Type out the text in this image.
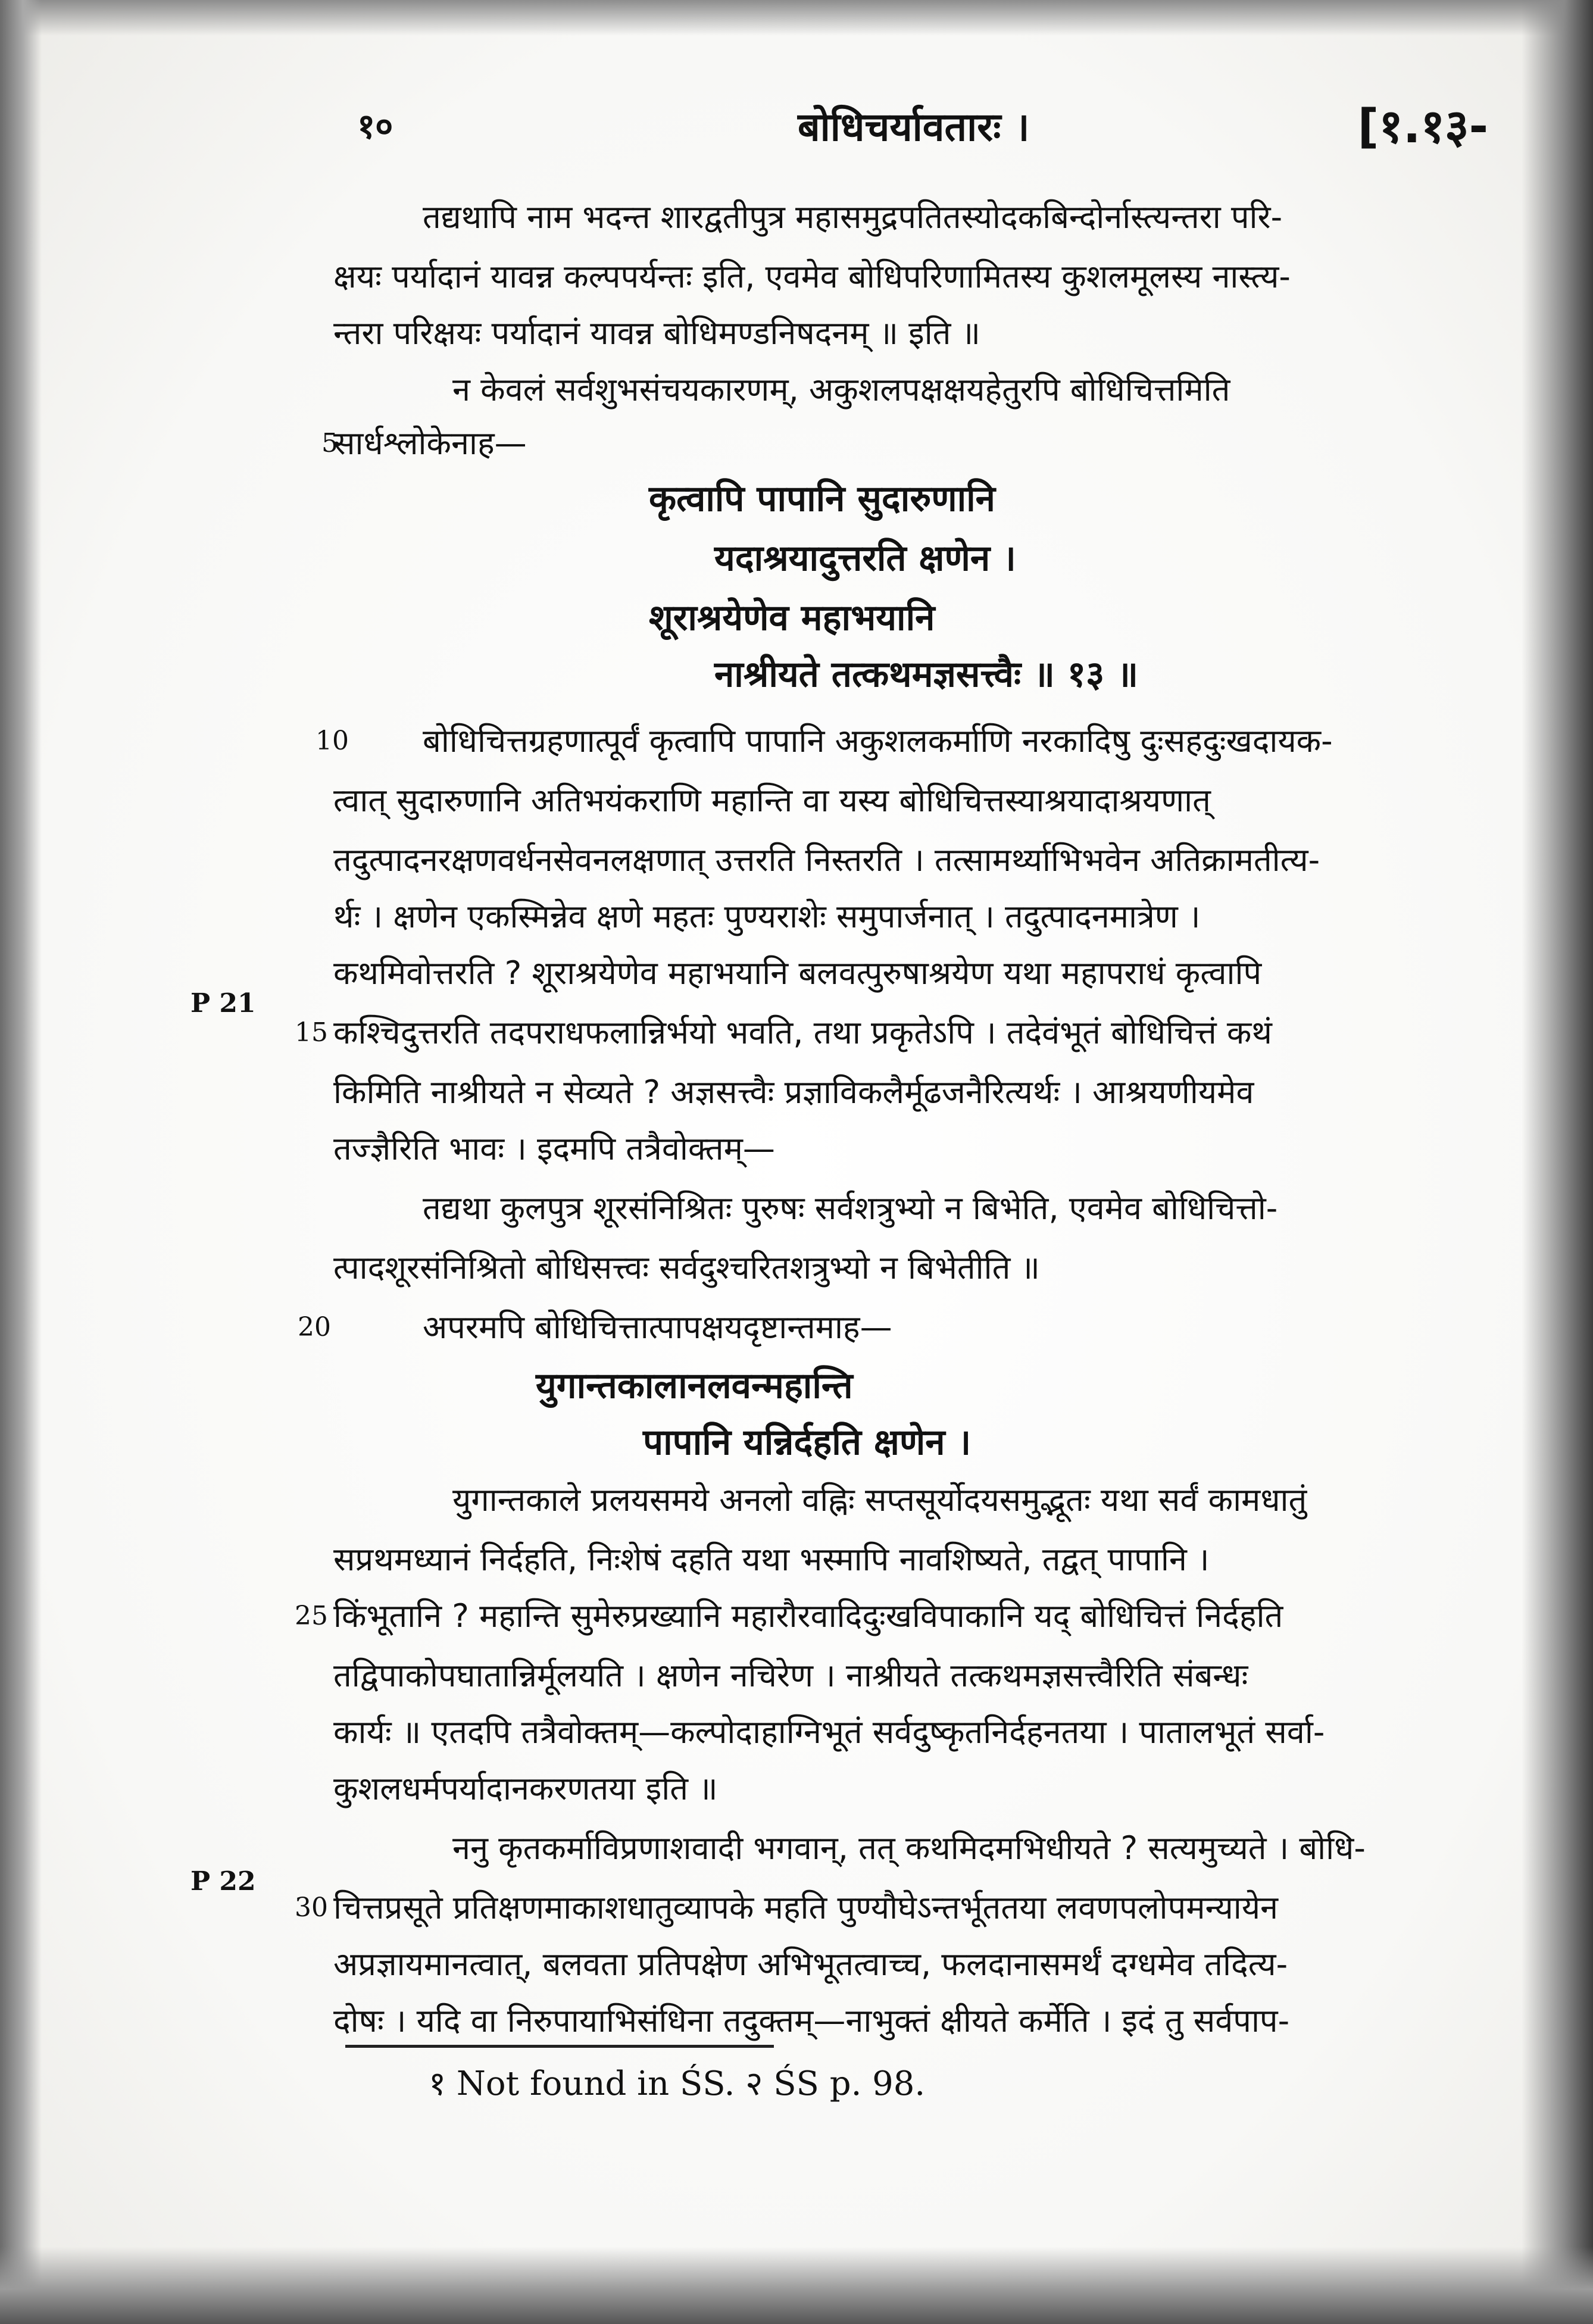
१०	बोधिचर्यावतारः ।	[१.१३-
तद्यथापि नाम भदन्त शारद्वतीपुत्र महासमुद्रपतितस्योदकबिन्दोर्नास्त्यन्तरा परि-
क्षयः पर्यादानं यावन्न कल्पपर्यन्तः इति, एवमेव बोधिपरिणामितस्य कुशलमूलस्य नास्त्य-
न्तरा परिक्षयः पर्यादानं यावन्न बोधिमण्डनिषदनम् ॥ इति ॥
न केवलं सर्वशुभसंचयकारणम्, अकुशलपक्षक्षयहेतुरपि बोधिचित्तमिति
सार्धश्लोकेनाह—
बोधिचित्तग्रहणात्पूर्वं कृत्वापि पापानि अकुशलकर्माणि नरकादिषु दुःसहदुःखदायक-
त्वात् सुदारुणानि अतिभयंकराणि महान्ति वा यस्य बोधिचित्तस्याश्रयादाश्रयणात्
तदुत्पादनरक्षणवर्धनसेवनलक्षणात् उत्तरति निस्तरति । तत्सामर्थ्याभिभवेन अतिक्रामतीत्य-
र्थः । क्षणेन एकस्मिन्नेव क्षणे महतः पुण्यराशेः समुपार्जनात् । तदुत्पादनमात्रेण ।
कथमिवोत्तरति ? शूराश्रयेणेव महाभयानि बलवत्पुरुषाश्रयेण यथा महापराधं कृत्वापि
कश्चिदुत्तरति तदपराधफलान्निर्भयो भवति, तथा प्रकृतेऽपि । तदेवंभूतं बोधिचित्तं कथं
किमिति नाश्रीयते न सेव्यते ? अज्ञसत्त्वैः प्रज्ञाविकलैर्मूढजनैरित्यर्थः । आश्रयणीयमेव
तज्ज्ञैरिति भावः । इदमपि तत्रैवोक्तम्—
तद्यथा कुलपुत्र शूरसंनिश्रितः पुरुषः सर्वशत्रुभ्यो न बिभेति, एवमेव बोधिचित्तो-
त्पादशूरसंनिश्रितो बोधिसत्त्वः सर्वदुश्चरितशत्रुभ्यो न बिभेतीति ॥
अपरमपि बोधिचित्तात्पापक्षयदृष्टान्तमाह—
युगान्तकाले प्रलयसमये अनलो वह्निः सप्तसूर्योदयसमुद्भूतः यथा सर्वं कामधातुं
सप्रथमध्यानं निर्दहति, निःशेषं दहति यथा भस्मापि नावशिष्यते, तद्वत् पापानि ।
किंभूतानि ? महान्ति सुमेरुप्रख्यानि महारौरवादिदुःखविपाकानि यद् बोधिचित्तं निर्दहति
तद्विपाकोपघातान्निर्मूलयति । क्षणेन नचिरेण । नाश्रीयते तत्कथमज्ञसत्त्वैरिति संबन्धः
कार्यः ॥ एतदपि तत्रैवोक्तम्—कल्पोदाहाग्निभूतं सर्वदुष्कृतनिर्दहनतया । पातालभूतं सर्वा-
कुशलधर्मपर्यादानकरणतया इति ॥
ननु कृतकर्माविप्रणाशवादी भगवान्, तत् कथमिदमभिधीयते ? सत्यमुच्यते । बोधि-
चित्तप्रसूते प्रतिक्षणमाकाशधातुव्यापके महति पुण्यौघेऽन्तर्भूततया लवणपलोपमन्यायेन
अप्रज्ञायमानत्वात्, बलवता प्रतिपक्षेण अभिभूतत्वाच्च, फलदानासमर्थं दग्धमेव तदित्य-
दोषः । यदि वा निरुपायाभिसंधिना तदुक्तम्—नाभुक्तं क्षीयते कर्मेति । इदं तु सर्वपाप-
कृत्वापि पापानि सुदारुणानि
यदाश्रयादुत्तरति क्षणेन ।
शूराश्रयेणेव महाभयानि
नाश्रीयते तत्कथमज्ञसत्त्वैः ॥ १३ ॥
युगान्तकालानलवन्महान्ति
पापानि यन्निर्दहति क्षणेन ।
5
10
15
20
25
30
P 21
P 22
१ Not found in ŚS. २ ŚS p. 98.
